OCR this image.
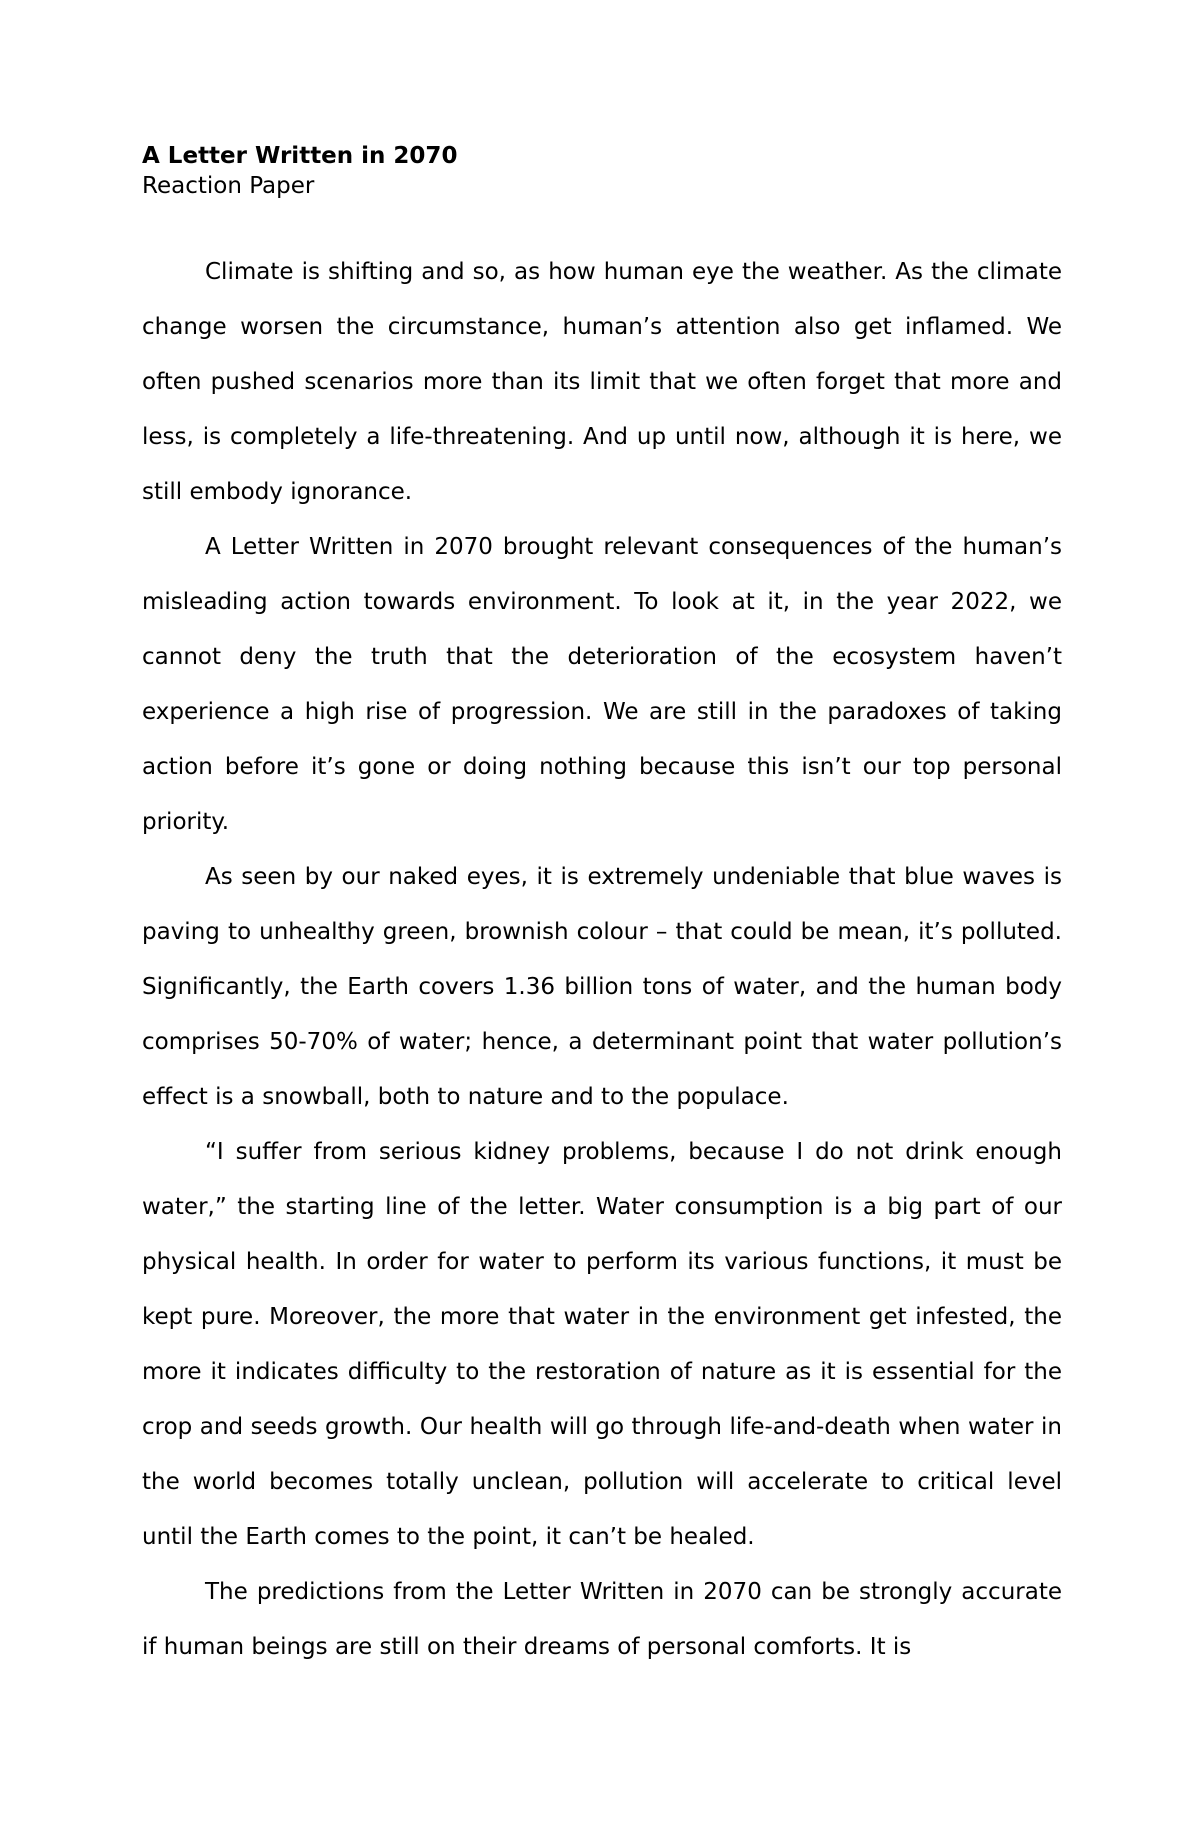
A Letter Written in 2070

Reaction Paper

Climate is shifting and so, as how human eye the weather. As the climate change worsen the circumstance, human’s attention also get inflamed. We often pushed scenarios more than its limit that we often forget that more and less, is completely a life-threatening. And up until now, although it is here, we still embody ignorance.

A Letter Written in 2070 brought relevant consequences of the human’s misleading action towards environment. To look at it, in the year 2022, we cannot deny the truth that the deterioration of the ecosystem haven’t experience a high rise of progression. We are still in the paradoxes of taking action before it’s gone or doing nothing because this isn’t our top personal priority.

As seen by our naked eyes, it is extremely undeniable that blue waves is paving to unhealthy green, brownish colour – that could be mean, it’s polluted. Significantly, the Earth covers 1.36 billion tons of water, and the human body comprises 50-70% of water; hence, a determinant point that water pollution’s effect is a snowball, both to nature and to the populace.

“I suffer from serious kidney problems, because I do not drink enough water,” the starting line of the letter. Water consumption is a big part of our physical health. In order for water to perform its various functions, it must be kept pure. Moreover, the more that water in the environment get infested, the more it indicates difficulty to the restoration of nature as it is essential for the crop and seeds growth. Our health will go through life-and-death when water in the world becomes totally unclean, pollution will accelerate to critical level until the Earth comes to the point, it can’t be healed.

The predictions from the Letter Written in 2070 can be strongly accurate if human beings are still on their dreams of personal comforts. It is
